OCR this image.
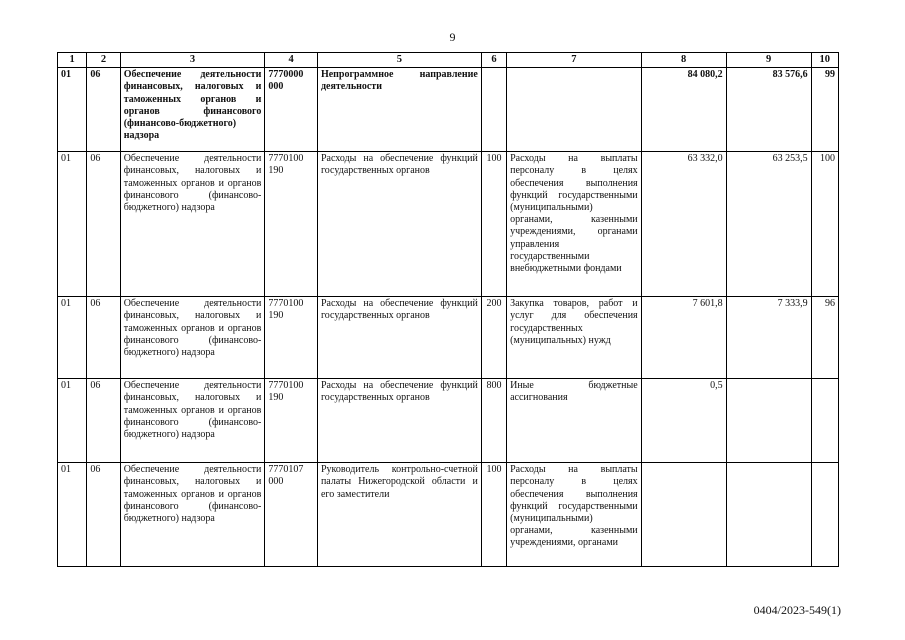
9
1	2	3	4	5	6	7	8	9	10
01	06	Обеспечение деятельности финансовых, налоговых и таможенных органов и органов финансового (финансово-бюджетного) надзора	7770000 000	Непрограммное направление деятельности			84 080,2	83 576,6	99
01	06	Обеспечение деятельности финансовых, налоговых и таможенных органов и органов финансового (финансово-бюджетного) надзора	7770100 190	Расходы на обеспечение функций государственных органов	100	Расходы на выплаты персоналу в целях обеспечения выполнения функций государственными (муниципальными) органами, казенными учреждениями, органами управления государственными внебюджетными фондами	63 332,0	63 253,5	100
01	06	Обеспечение деятельности финансовых, налоговых и таможенных органов и органов финансового (финансово-бюджетного) надзора	7770100 190	Расходы на обеспечение функций государственных органов	200	Закупка товаров, работ и услуг для обеспечения государственных (муниципальных) нужд	7 601,8	7 333,9	96
01	06	Обеспечение деятельности финансовых, налоговых и таможенных органов и органов финансового (финансово-бюджетного) надзора	7770100 190	Расходы на обеспечение функций государственных органов	800	Иные бюджетные ассигнования	0,5		
01	06	Обеспечение деятельности финансовых, налоговых и таможенных органов и органов финансового (финансово-бюджетного) надзора	7770107 000	Руководитель контрольно-счетной палаты Нижегородской области и его заместители	100	Расходы на выплаты персоналу в целях обеспечения выполнения функций государственными (муниципальными) органами, казенными учреждениями, органами			
0404/2023-549(1)
